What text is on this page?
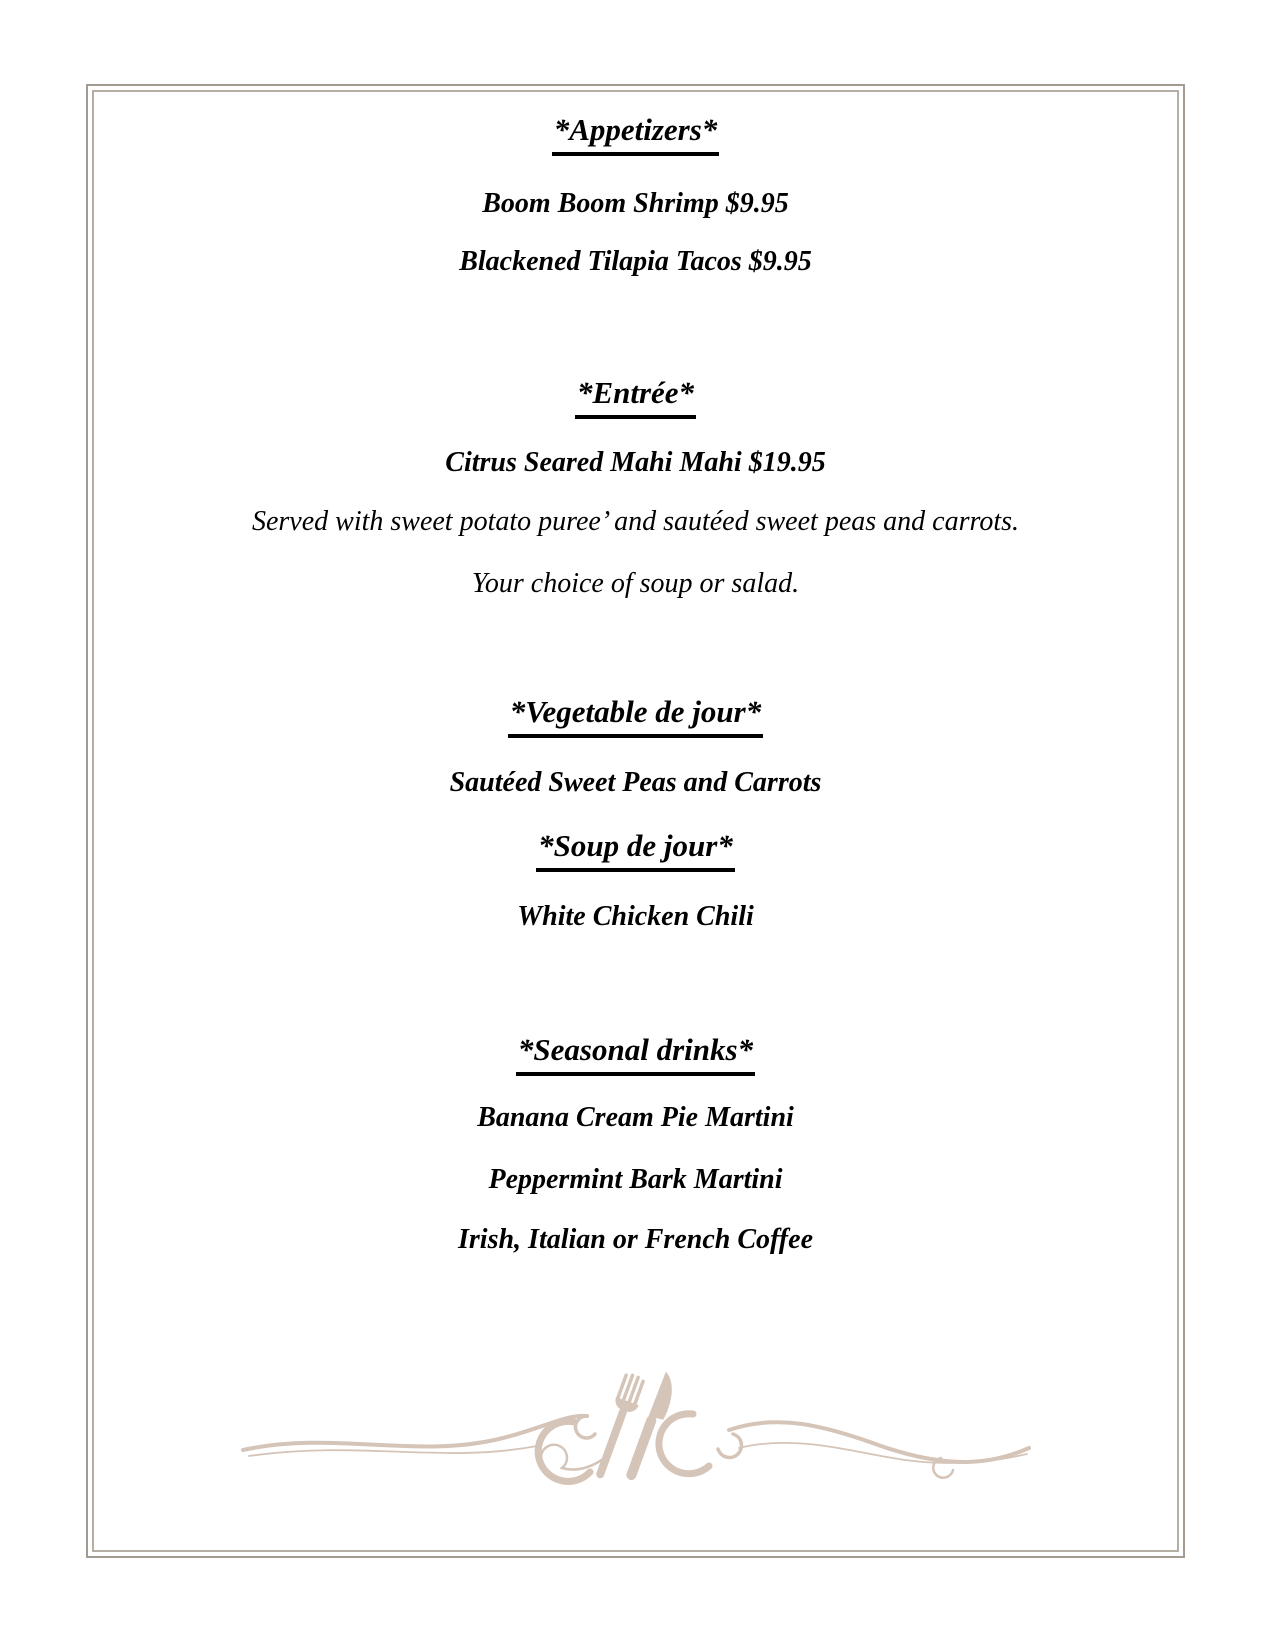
*Appetizers*

Boom Boom Shrimp $9.95

Blackened Tilapia Tacos $9.95

*Entrée*

Citrus Seared Mahi Mahi $19.95

Served with sweet potato puree’ and sautéed sweet peas and carrots.

Your choice of soup or salad.

*Vegetable de jour*

Sautéed Sweet Peas and Carrots

*Soup de jour*

White Chicken Chili

*Seasonal drinks*

Banana Cream Pie Martini

Peppermint Bark Martini

Irish, Italian or French Coffee
